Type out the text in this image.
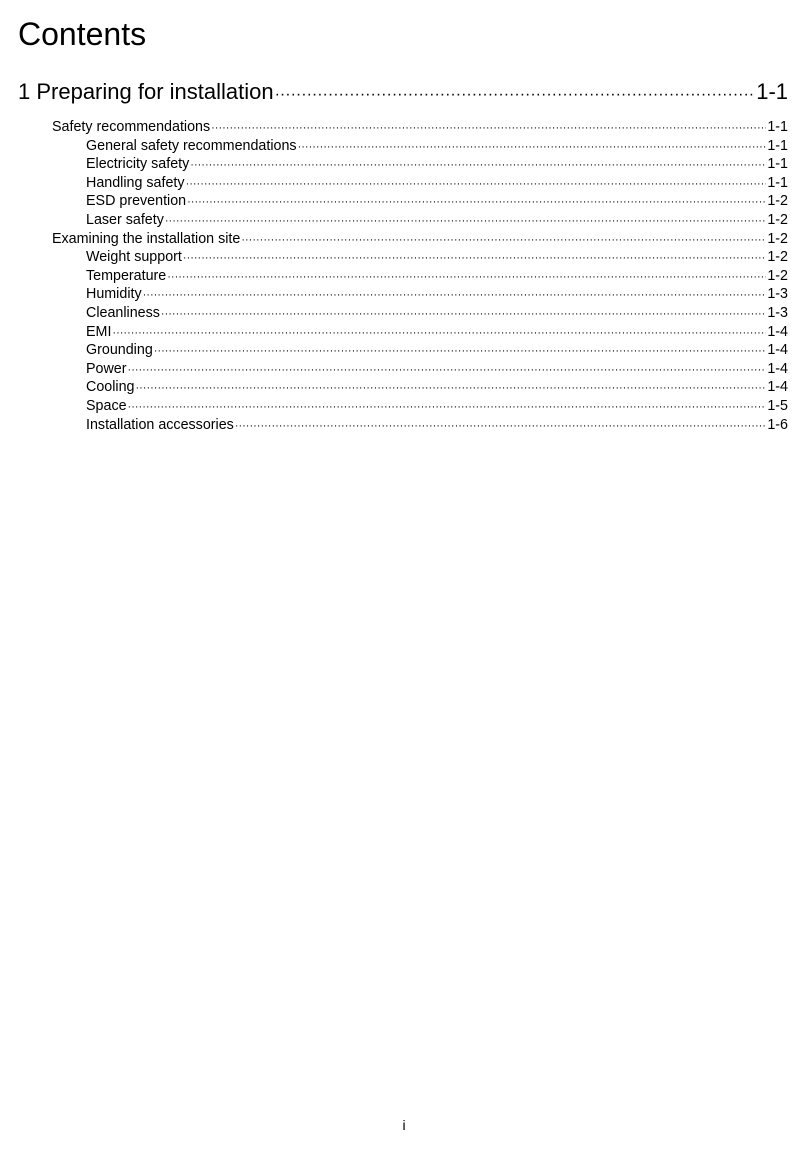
Contents
1 Preparing for installation ·····	1-1
Safety recommendations ·····	1-1
General safety recommendations ·····	1-1
Electricity safety ·····	1-1
Handling safety ·····	1-1
ESD prevention ·····	1-2
Laser safety ·····	1-2
Examining the installation site ·····	1-2
Weight support ·····	1-2
Temperature ·····	1-2
Humidity ·····	1-3
Cleanliness ·····	1-3
EMI ·····	1-4
Grounding ·····	1-4
Power ·····	1-4
Cooling ·····	1-4
Space ·····	1-5
Installation accessories ·····	1-6
i
